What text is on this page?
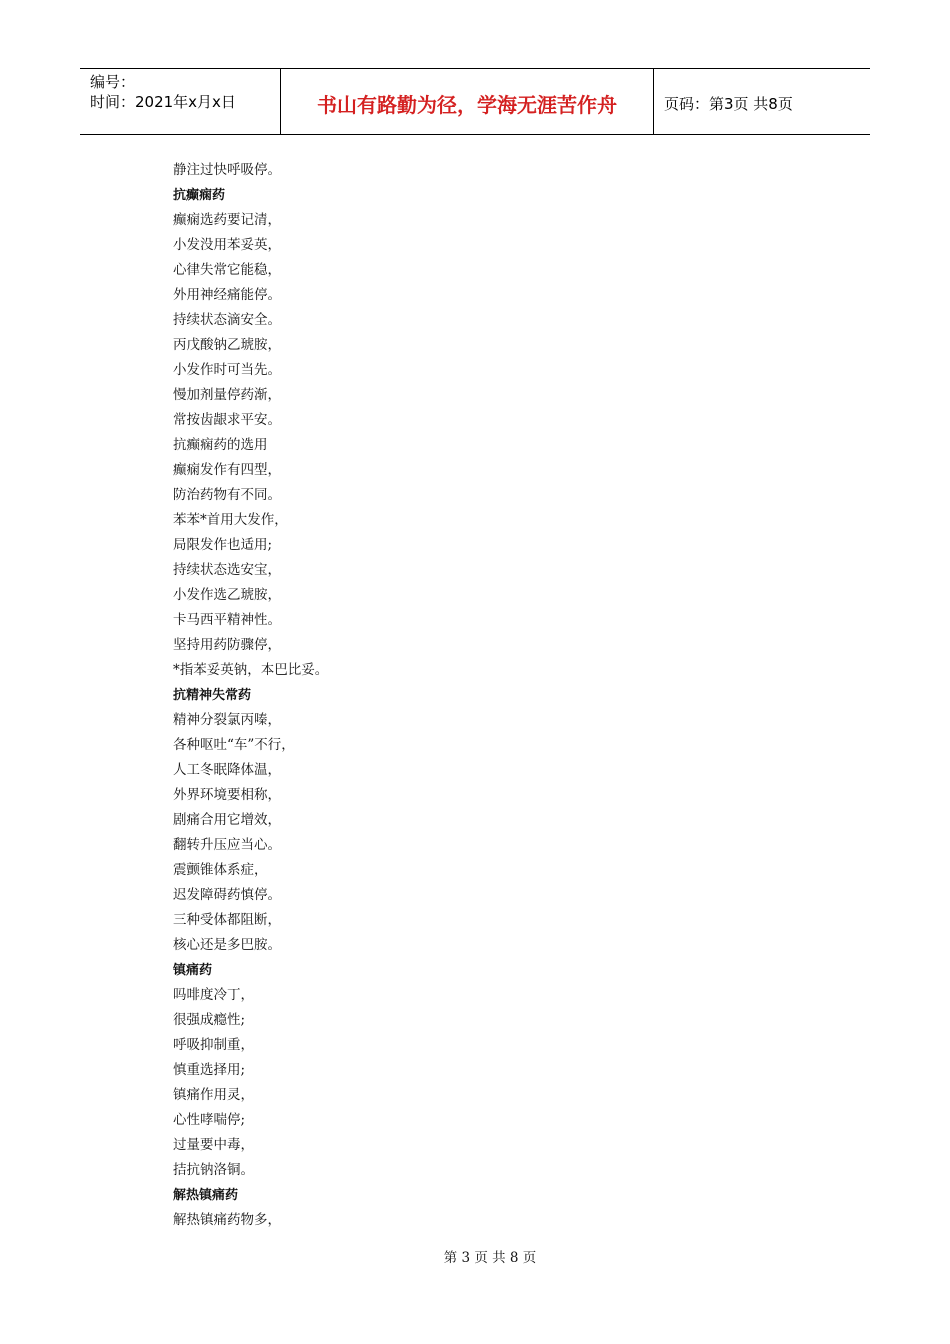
编号：
时间：2021年x月x日	书山有路勤为径，学海无涯苦作舟	页码：第3页 共8页
静注过快呼吸停。
抗癫痫药
癫痫选药要记清，
小发没用苯妥英，
心律失常它能稳，
外用神经痛能停。
持续状态滴安全。
丙戊酸钠乙琥胺，
小发作时可当先。
慢加剂量停药渐，
常按齿龈求平安。
抗癫痫药的选用
癫痫发作有四型，
防治药物有不同。
苯苯*首用大发作，
局限发作也适用;
持续状态选安宝，
小发作选乙琥胺，
卡马西平精神性。
坚持用药防骤停，
*指苯妥英钠，本巴比妥。
抗精神失常药
精神分裂氯丙嗪，
各种呕吐“车”不行，
人工冬眠降体温，
外界环境要相称，
剧痛合用它增效，
翻转升压应当心。
震颤锥体系症，
迟发障碍药慎停。
三种受体都阻断，
核心还是多巴胺。
镇痛药
吗啡度冷丁，
很强成瘾性;
呼吸抑制重，
慎重选择用;
镇痛作用灵，
心性哮喘停;
过量要中毒，
拮抗钠洛铜。
解热镇痛药
解热镇痛药物多，
第 3 页 共 8 页
